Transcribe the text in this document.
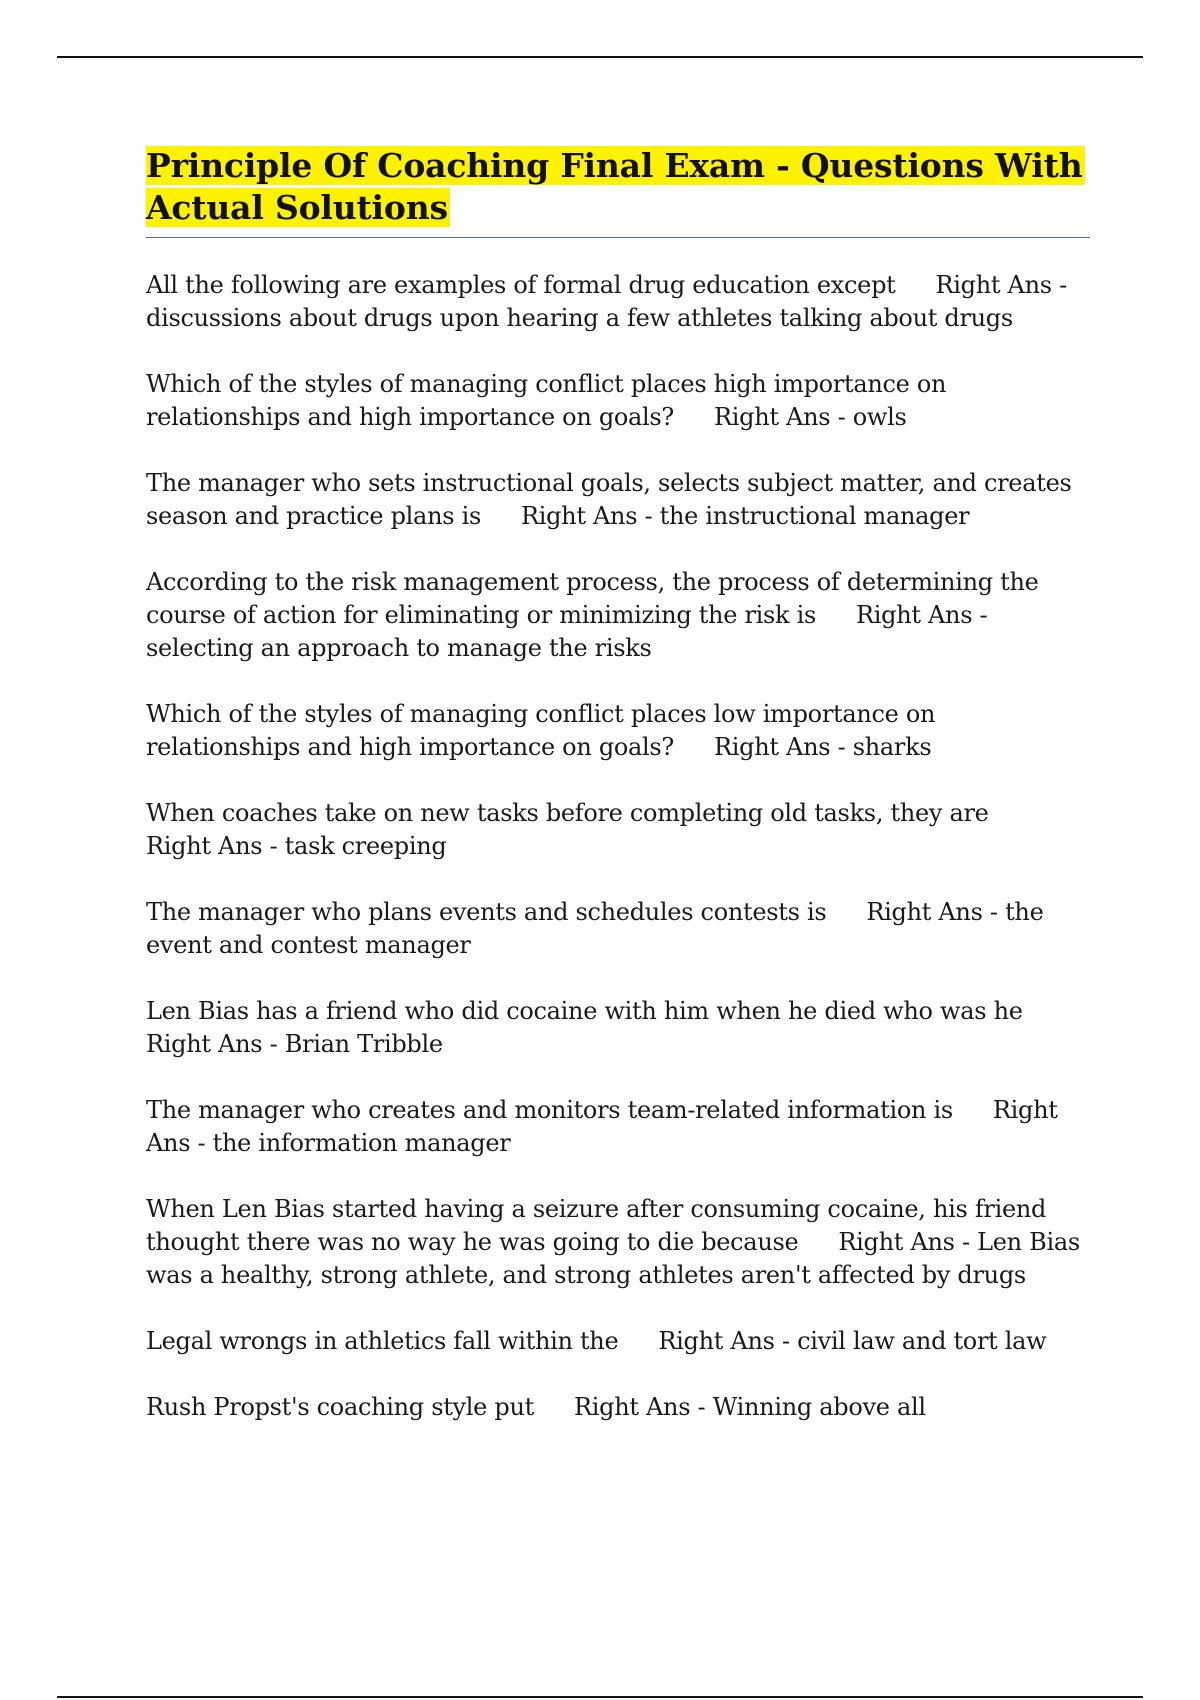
Principle Of Coaching Final Exam - Questions With Actual Solutions

All the following are examples of formal drug education except Right Ans - discussions about drugs upon hearing a few athletes talking about drugs

Which of the styles of managing conflict places high importance on relationships and high importance on goals? Right Ans - owls

The manager who sets instructional goals, selects subject matter, and creates season and practice plans is Right Ans - the instructional manager

According to the risk management process, the process of determining the course of action for eliminating or minimizing the risk is Right Ans - selecting an approach to manage the risks

Which of the styles of managing conflict places low importance on relationships and high importance on goals? Right Ans - sharks

When coaches take on new tasks before completing old tasks, they areRight Ans - task creeping

The manager who plans events and schedules contests is Right Ans - the event and contest manager

Len Bias has a friend who did cocaine with him when he died who was heRight Ans - Brian Tribble

The manager who creates and monitors team-related information is Right Ans - the information manager

When Len Bias started having a seizure after consuming cocaine, his friend thought there was no way he was going to die because Right Ans - Len Bias was a healthy, strong athlete, and strong athletes aren't affected by drugs

Legal wrongs in athletics fall within the Right Ans - civil law and tort law

Rush Propst's coaching style put Right Ans - Winning above all
